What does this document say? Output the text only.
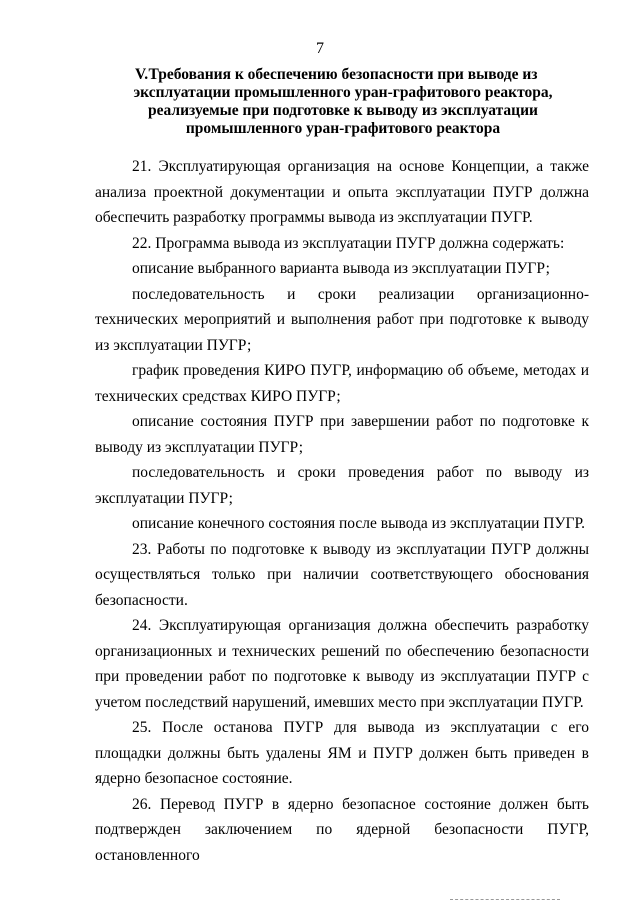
7
V. Требования к обеспечению безопасности при выводе из
эксплуатации промышленного уран-графитового реактора,
реализуемые при подготовке к выводу из эксплуатации
промышленного уран-графитового реактора

21. Эксплуатирующая организация на основе Концепции, а также анализа проектной документации и опыта эксплуатации ПУГР должна обеспечить разработку программы вывода из эксплуатации ПУГР.

22. Программа вывода из эксплуатации ПУГР должна содержать:

описание выбранного варианта вывода из эксплуатации ПУГР;

последовательность и сроки реализации организационно-технических мероприятий и выполнения работ при подготовке к выводу из эксплуатации ПУГР;

график проведения КИРО ПУГР, информацию об объеме, методах и технических средствах КИРО ПУГР;

описание состояния ПУГР при завершении работ по подготовке к выводу из эксплуатации ПУГР;

последовательность и сроки проведения работ по выводу из эксплуатации ПУГР;

описание конечного состояния после вывода из эксплуатации ПУГР.

23. Работы по подготовке к выводу из эксплуатации ПУГР должны осуществляться только при наличии соответствующего обоснования безопасности.

24. Эксплуатирующая организация должна обеспечить разработку организационных и технических решений по обеспечению безопасности при проведении работ по подготовке к выводу из эксплуатации ПУГР с учетом последствий нарушений, имевших место при эксплуатации ПУГР.

25. После останова ПУГР для вывода из эксплуатации с его площадки должны быть удалены ЯМ и ПУГР должен быть приведен в ядерно безопасное состояние.

26. Перевод ПУГР в ядерно безопасное состояние должен быть подтвержден заключением по ядерной безопасности ПУГР, остановленного
